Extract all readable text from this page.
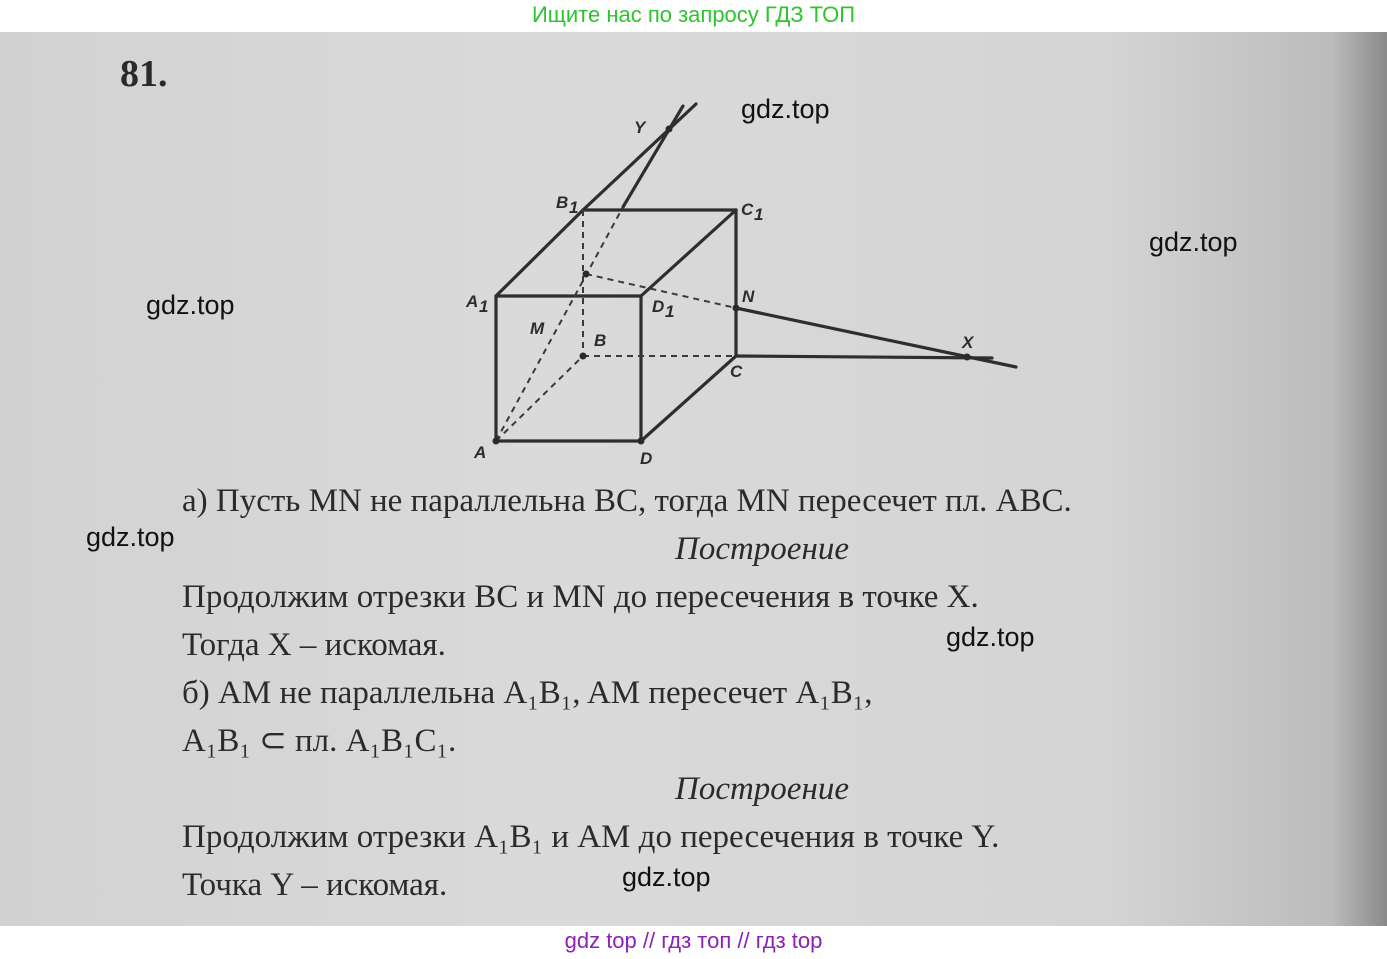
Ищите нас по запросу ГДЗ ТОП
81.
Y
B 1	C 1
A 1	D 1
N
M
B	X
C
A	D
а) Пусть MN не параллельна BC, тогда MN пересечет пл. ABC.
Построение
Продолжим отрезки BC и MN до пересечения в точке X.
Тогда X – искомая.
б) AM не параллельна A₁B₁, AM пересечет A₁B₁,
A₁B₁ ⊂ пл. A₁B₁C₁.
Построение
Продолжим отрезки A₁B₁ и AM до пересечения в точке Y.
Точка Y – искомая.
gdz.top
gdz.top
gdz.top
gdz.top
gdz.top
gdz.top
gdz top // гдз топ // гдз top
